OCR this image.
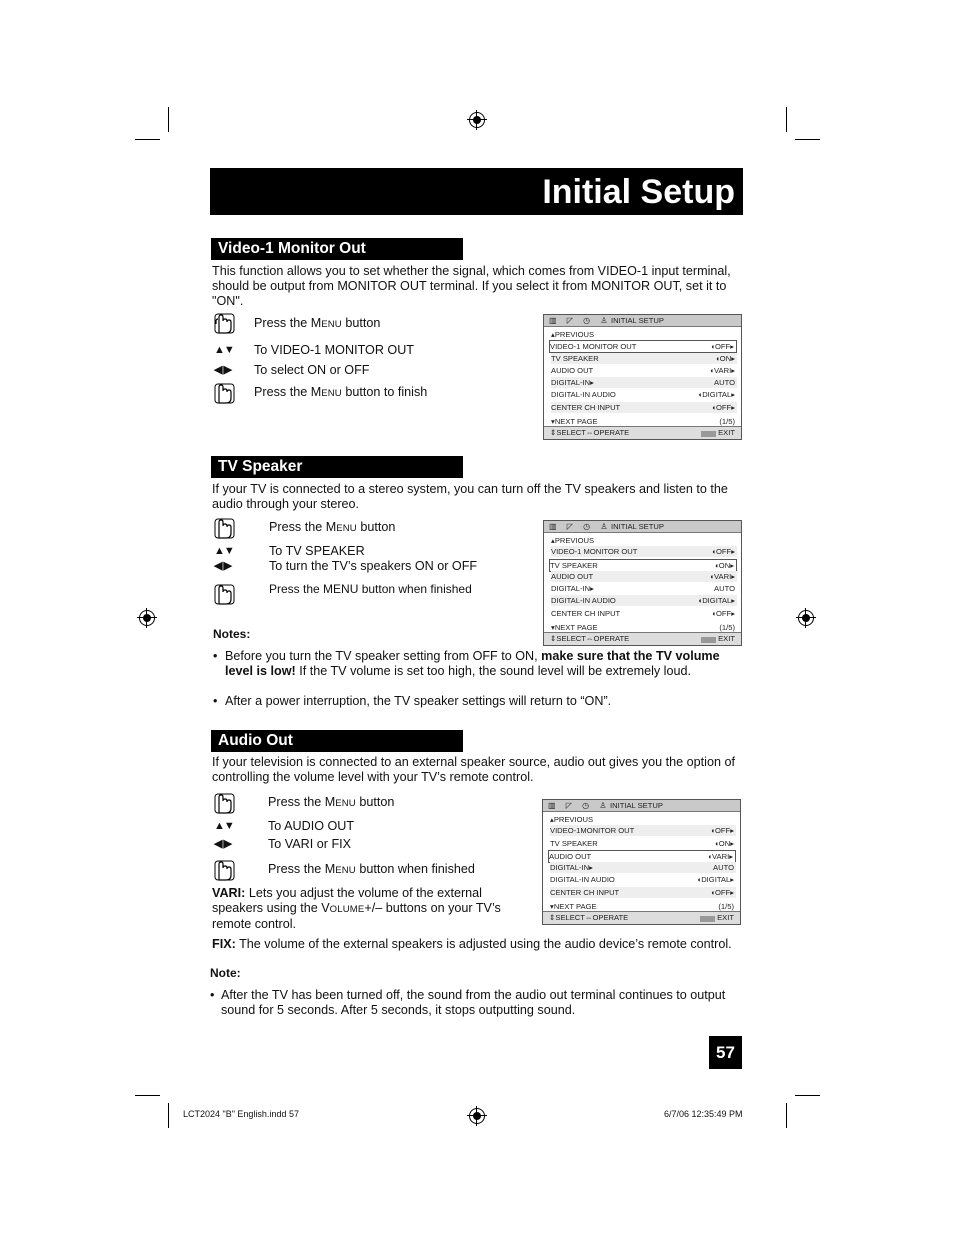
Initial Setup
Video-1 Monitor Out
This function allows you to set whether the signal, which comes from VIDEO-1 input terminal, should be output from MONITOR OUT terminal. If you select it from MONITOR OUT, set it to "ON".
Press the MENU button
▲▼ To VIDEO-1 MONITOR OUT
◀ ▶ To select ON or OFF
Press the MENU button to finish
▥ ◸ ◷ ♙ INITIAL SETUP
▴PREVIOUS
VIDEO-1 MONITOR OUT	◖OFF▸
TV SPEAKER	◖ON▸
AUDIO OUT	◖VARI▸
DIGITAL-IN▸	AUTO
DIGITAL-IN AUDIO	◖DIGITAL▸
CENTER CH INPUT	◖OFF▸
▾NEXT PAGE	(1/5)
⇕SELECT⇔OPERATE	MENU EXIT
TV Speaker
If your TV is connected to a stereo system, you can turn off the TV speakers and listen to the audio through your stereo.
Press the MENU button
▲▼	To TV SPEAKER
◀ ▶	To turn the TV’s speakers ON or OFF
Press the MENU button when finished
▥ ◸ ◷ ♙ INITIAL SETUP
▴PREVIOUS
VIDEO-1 MONITOR OUT	◖OFF▸
TV SPEAKER	◖ON▸
AUDIO OUT	◖VARI▸
DIGITAL-IN▸	AUTO
DIGITAL-IN AUDIO	◖DIGITAL▸
CENTER CH INPUT	◖OFF▸
▾NEXT PAGE	(1/5)
⇕SELECT⇔OPERATE	MENU EXIT
Notes:
• Before you turn the TV speaker setting from OFF to ON, make sure that the TV volume level is low! If the TV volume is set too high, the sound level will be extremely loud.
• After a power interruption, the TV speaker settings will return to “ON”.
Audio Out
If your television is connected to an external speaker source, audio out gives you the option of controlling the volume level with your TV’s remote control.
Press the MENU button
▲▼	To AUDIO OUT
◀ ▶	To VARI or FIX
Press the MENU button when finished
VARI: Lets you adjust the volume of the external speakers using the VOLUME+/– buttons on your TV’s remote control.
▥ ◸ ◷ ♙ INITIAL SETUP
▴PREVIOUS
VIDEO-1MONITOR OUT	◖OFF▸
TV SPEAKER	◖ON▸
AUDIO OUT	◖VARI▸
DIGITAL-IN▸	AUTO
DIGITAL-IN AUDIO	◖DIGITAL▸
CENTER CH INPUT	◖OFF▸
▾NEXT PAGE	(1/5)
⇕SELECT⇔OPERATE	MENU EXIT
FIX: The volume of the external speakers is adjusted using the audio device’s remote control.
Note:
• After the TV has been turned off, the sound from the audio out terminal continues to output sound for 5 seconds. After 5 seconds, it stops outputting sound.
57
LCT2024 "B" English.indd 57	6/7/06 12:35:49 PM
